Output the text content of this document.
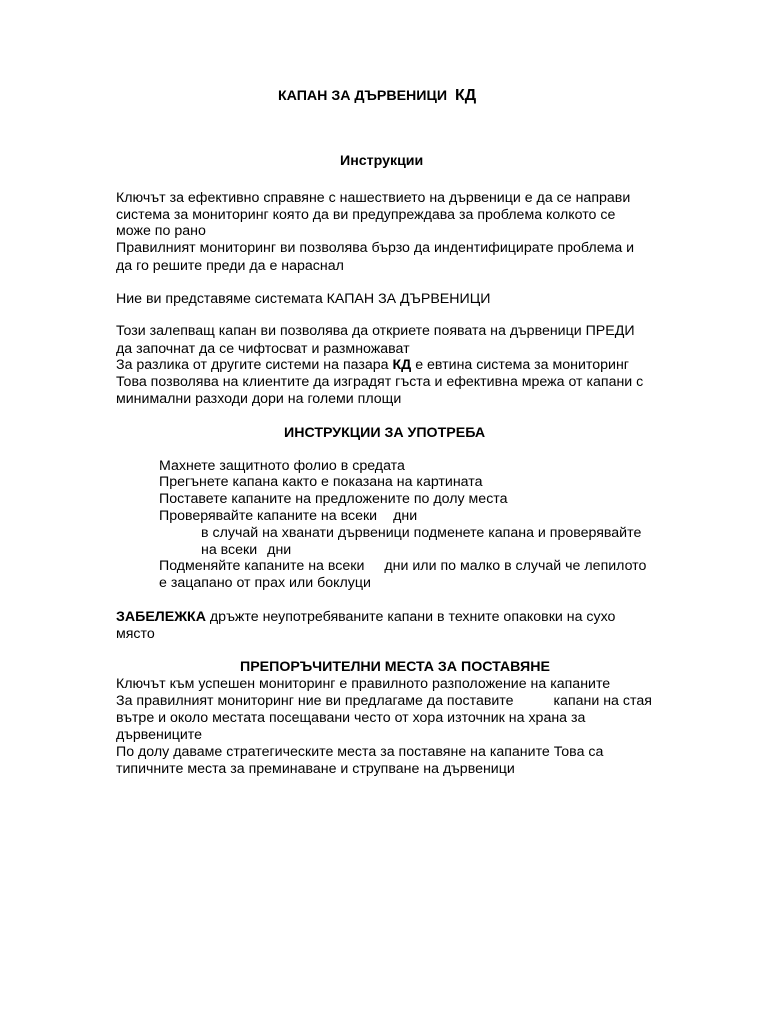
КАПАН ЗА ДЪРВЕНИЦИ КД
Инструкции
Ключът за ефективно справяне с нашествието на дървеници е да се направи
система за мониторинг която да ви предупреждава за проблема колкото се
може по рано
Правилният мониторинг ви позволява бързо да индентифицирате проблема и
да го решите преди да е нараснал
Ние ви представяме системата КАПАН ЗА ДЪРВЕНИЦИ
Този залепващ капан ви позволява да откриете появата на дървеници ПРЕДИ
да започнат да се чифтосват и размножават
За разлика от другите системи на пазара КД е евтина система за мониторинг
Това позволява на клиентите да изградят гъста и ефективна мрежа от капани с
минимални разходи дори на големи площи
ИНСТРУКЦИИ ЗА УПОТРЕБА
Махнете защитното фолио в средата
Прегънете капана както е показана на картината
Поставете капаните на предложените по долу места
Проверявайте капаните на всеки дни
в случай на хванати дървеници подменете капана и проверявайте
на всеки дни
Подменяйте капаните на всеки дни или по малко в случай че лепилото
е зацапано от прах или боклуци
ЗАБЕЛЕЖКА дръжте неупотребяваните капани в техните опаковки на сухо
място
ПРЕПОРЪЧИТЕЛНИ МЕСТА ЗА ПОСТАВЯНЕ
Ключът към успешен мониторинг е правилното разположение на капаните
За правилният мониторинг ние ви предлагаме да поставите	капани на стая
вътре и около местата посещавани често от хора източник на храна за
дървениците
По долу даваме стратегическите места за поставяне на капаните Това са
типичните места за преминаване и струпване на дървеници
